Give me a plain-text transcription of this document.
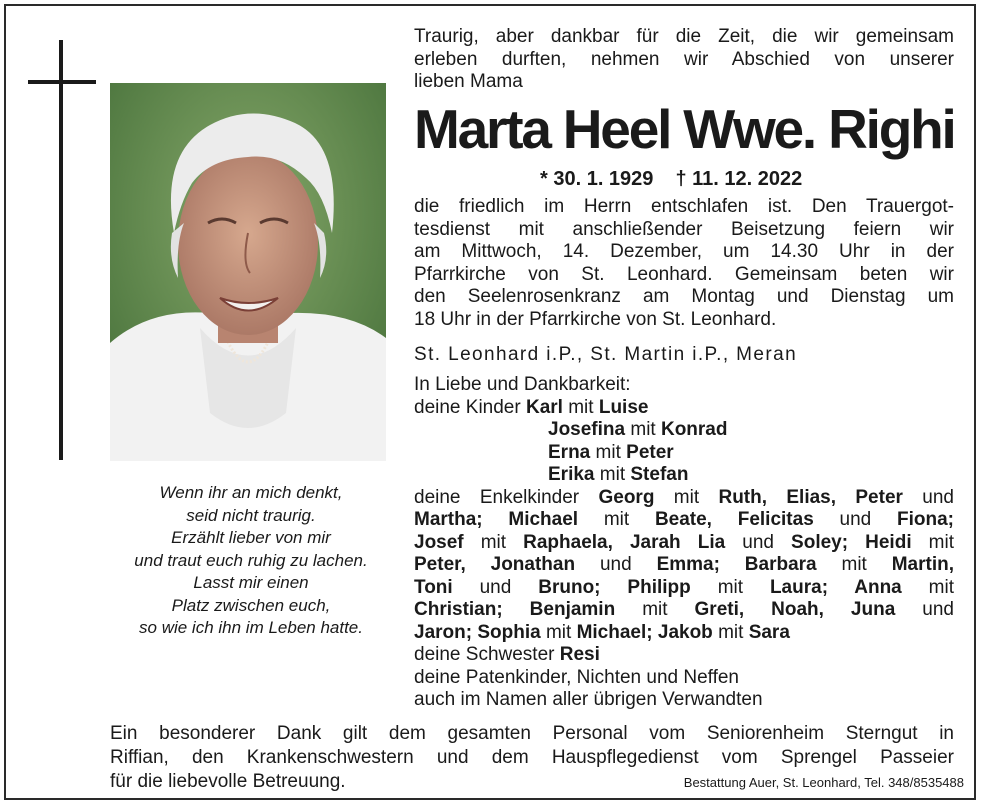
Wenn ihr an mich denkt,
seid nicht traurig.
Erzählt lieber von mir
und traut euch ruhig zu lachen.
Lasst mir einen
Platz zwischen euch,
so wie ich ihn im Leben hatte.
Traurig, aber dankbar für die Zeit, die wir gemeinsam
erleben durften, nehmen wir Abschied von unserer
lieben Mama
Marta Heel Wwe. Righi
* 30. 1. 1929 † 11. 12. 2022
die friedlich im Herrn entschlafen ist. Den Trauergot-
tesdienst mit anschließender Beisetzung feiern wir
am Mittwoch, 14. Dezember, um 14.30 Uhr in der
Pfarrkirche von St. Leonhard. Gemeinsam beten wir
den Seelenrosenkranz am Montag und Dienstag um
18 Uhr in der Pfarrkirche von St. Leonhard.
St. Leonhard i.P., St. Martin i.P., Meran
In Liebe und Dankbarkeit:
deine Kinder Karl mit Luise
Josefina mit Konrad
Erna mit Peter
Erika mit Stefan
deine Enkelkinder Georg mit Ruth, Elias, Peter und
Martha; Michael mit Beate, Felicitas und Fiona;
Josef mit Raphaela, Jarah Lia und Soley; Heidi mit
Peter, Jonathan und Emma; Barbara mit Martin,
Toni und Bruno; Philipp mit Laura; Anna mit
Christian; Benjamin mit Greti, Noah, Juna und
Jaron; Sophia mit Michael; Jakob mit Sara
deine Schwester Resi
deine Patenkinder, Nichten und Neffen
auch im Namen aller übrigen Verwandten
Ein besonderer Dank gilt dem gesamten Personal vom Seniorenheim Sterngut in
Riffian, den Krankenschwestern und dem Hauspflegedienst vom Sprengel Passeier
für die liebevolle Betreuung.	Bestattung Auer, St. Leonhard, Tel. 348/8535488
